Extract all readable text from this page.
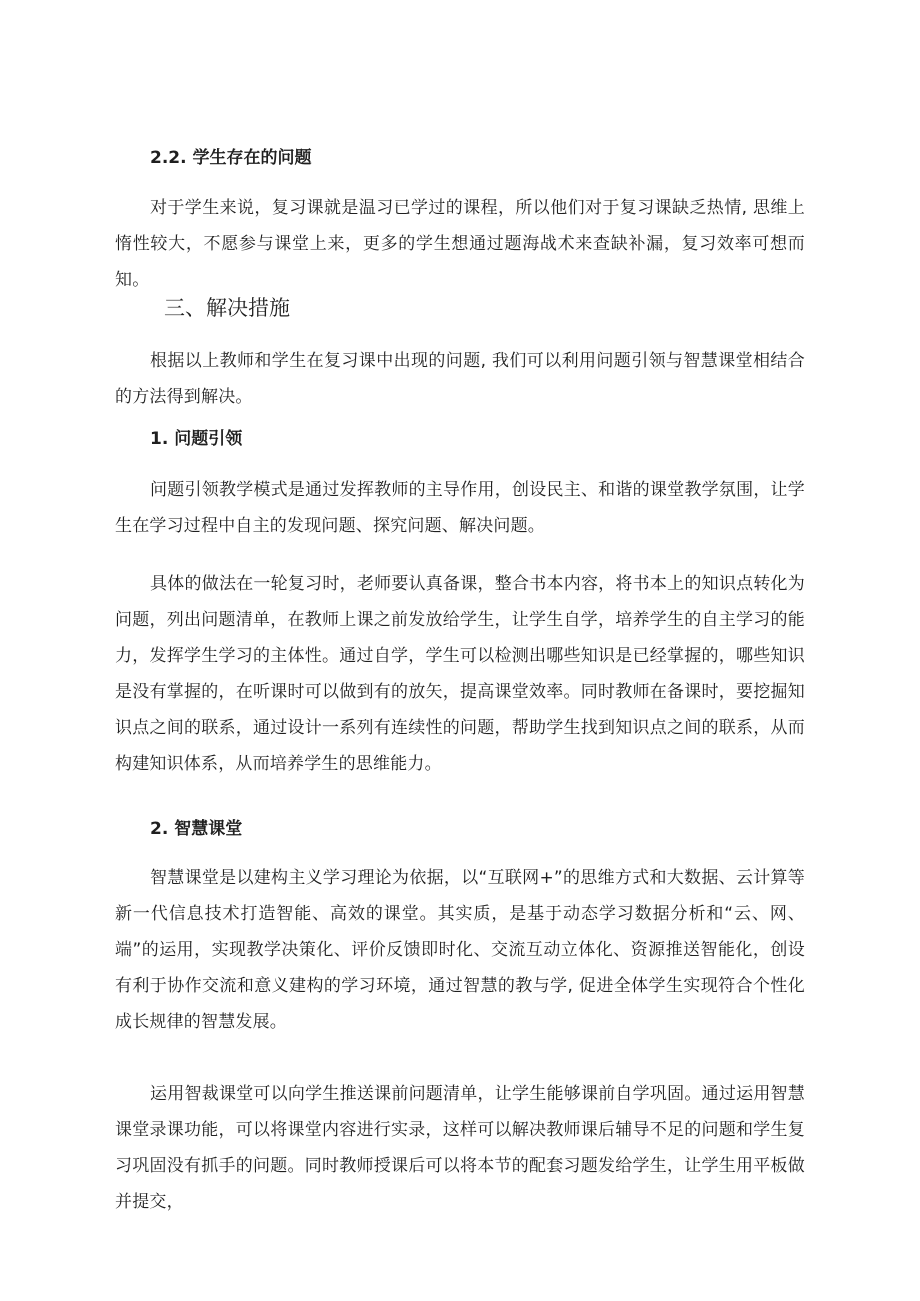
2.2. 学生存在的问题

对于学生来说，复习课就是温习已学过的课程，所以他们对于复习课缺乏热情, 思维上惰性较大，不愿参与课堂上来，更多的学生想通过题海战术来查缺补漏，复习效率可想而知。

三、解决措施

根据以上教师和学生在复习课中出现的问题, 我们可以利用问题引领与智慧课堂相结合的方法得到解决。

1. 问题引领

问题引领教学模式是通过发挥教师的主导作用，创设民主、和谐的课堂教学氛围，让学生在学习过程中自主的发现问题、探究问题、解决问题。

具体的做法在一轮复习时，老师要认真备课，整合书本内容，将书本上的知识点转化为问题，列出问题清单，在教师上课之前发放给学生，让学生自学，培养学生的自主学习的能力，发挥学生学习的主体性。通过自学，学生可以检测出哪些知识是已经掌握的，哪些知识是没有掌握的，在听课时可以做到有的放矢，提高课堂效率。同时教师在备课时，要挖掘知识点之间的联系，通过设计一系列有连续性的问题，帮助学生找到知识点之间的联系，从而构建知识体系，从而培养学生的思维能力。

2. 智慧课堂

智慧课堂是以建构主义学习理论为依据，以“互联网+”的思维方式和大数据、云计算等新一代信息技术打造智能、高效的课堂。其实质，是基于动态学习数据分析和“云、网、端”的运用，实现教学决策化、评价反馈即时化、交流互动立体化、资源推送智能化，创设有利于协作交流和意义建构的学习环境，通过智慧的教与学, 促进全体学生实现符合个性化成长规律的智慧发展。

运用智裁课堂可以向学生推送课前问题清单，让学生能够课前自学巩固。通过运用智慧课堂录课功能，可以将课堂内容进行实录，这样可以解决教师课后辅导不足的问题和学生复习巩固没有抓手的问题。同时教师授课后可以将本节的配套习题发给学生，让学生用平板做并提交，
